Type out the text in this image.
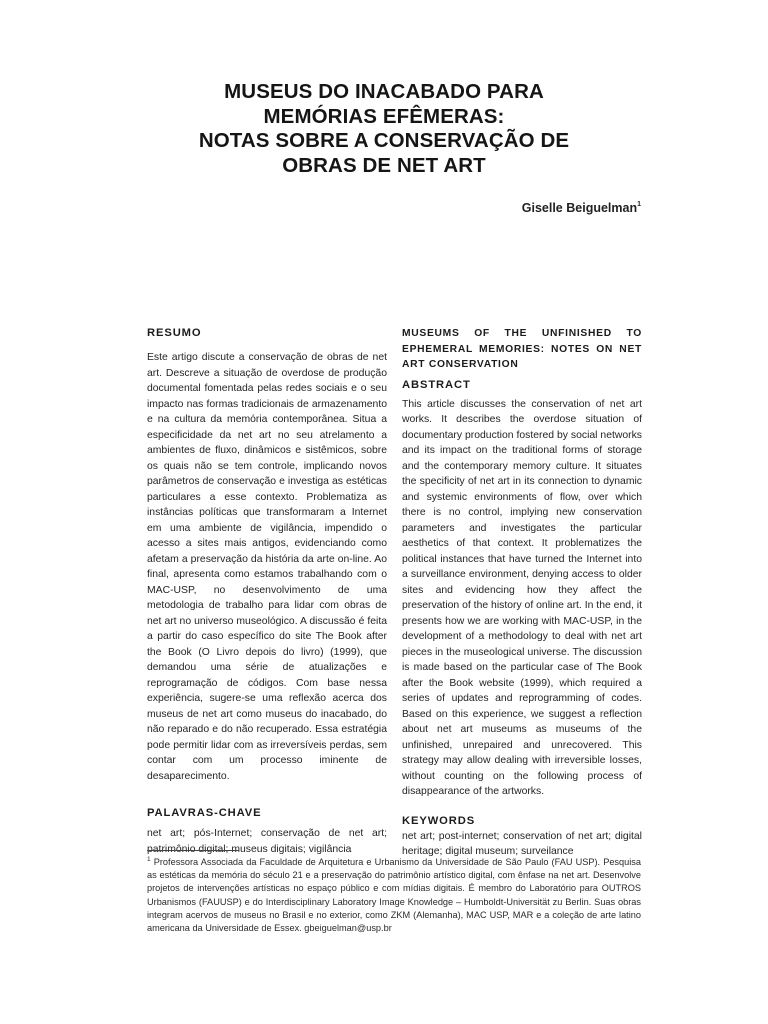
MUSEUS DO INACABADO PARA
MEMÓRIAS EFÊMERAS:
NOTAS SOBRE A CONSERVAÇÃO DE
OBRAS DE NET ART
Giselle Beiguelman$^1$
RESUMO
Este artigo discute a conservação de obras de net art. Descreve a situação de overdose de produção documental fomentada pelas redes sociais e o seu impacto nas formas tradicionais de armazenamento e na cultura da memória contemporânea. Situa a especificidade da net art no seu atrelamento a ambientes de fluxo, dinâmicos e sistêmicos, sobre os quais não se tem controle, implicando novos parâmetros de conservação e investiga as estéticas particulares a esse contexto. Problematiza as instâncias políticas que transformaram a Internet em uma ambiente de vigilância, impendido o acesso a sites mais antigos, evidenciando como afetam a preservação da história da arte on-line. Ao final, apresenta como estamos trabalhando com o MAC-USP, no desenvolvimento de uma metodologia de trabalho para lidar com obras de net art no universo museológico. A discussão é feita a partir do caso específico do site The Book after the Book (O Livro depois do livro) (1999), que demandou uma série de atualizações e reprogramação de códigos. Com base nessa experiência, sugere-se uma reflexão acerca dos museus de net art como museus do inacabado, do não reparado e do não recuperado. Essa estratégia pode permitir lidar com as irreversíveis perdas, sem contar com um processo iminente de desaparecimento.
PALAVRAS-CHAVE
net art; pós-Internet; conservação de net art; patrimônio digital; museus digitais; vigilância
MUSEUMS OF THE UNFINISHED TO EPHEMERAL MEMORIES: NOTES ON NET ART CONSERVATION
ABSTRACT
This article discusses the conservation of net art works. It describes the overdose situation of documentary production fostered by social networks and its impact on the traditional forms of storage and the contemporary memory culture. It situates the specificity of net art in its connection to dynamic and systemic environments of flow, over which there is no control, implying new conservation parameters and investigates the particular aesthetics of that context. It problematizes the political instances that have turned the Internet into a surveillance environment, denying access to older sites and evidencing how they affect the preservation of the history of online art. In the end, it presents how we are working with MAC-USP, in the development of a methodology to deal with net art pieces in the museological universe. The discussion is made based on the particular case of The Book after the Book website (1999), which required a series of updates and reprogramming of codes. Based on this experience, we suggest a reflection about net art museums as museums of the unfinished, unrepaired and unrecovered. This strategy may allow dealing with irreversible losses, without counting on the following process of disappearance of the artworks.
KEYWORDS
net art; post-internet; conservation of net art; digital heritage; digital museum; surveilance
$^1$ Professora Associada da Faculdade de Arquitetura e Urbanismo da Universidade de São Paulo (FAU USP). Pesquisa as estéticas da memória do século 21 e a preservação do patrimônio artístico digital, com ênfase na net art. Desenvolve projetos de intervenções artísticas no espaço público e com mídias digitais. É membro do Laboratório para OUTROS Urbanismos (FAUUSP) e do Interdisciplinary Laboratory Image Knowledge – Humboldt-Universität zu Berlin. Suas obras integram acervos de museus no Brasil e no exterior, como ZKM (Alemanha), MAC USP, MAR e a coleção de arte latino americana da Universidade de Essex. gbeiguelman@usp.br
